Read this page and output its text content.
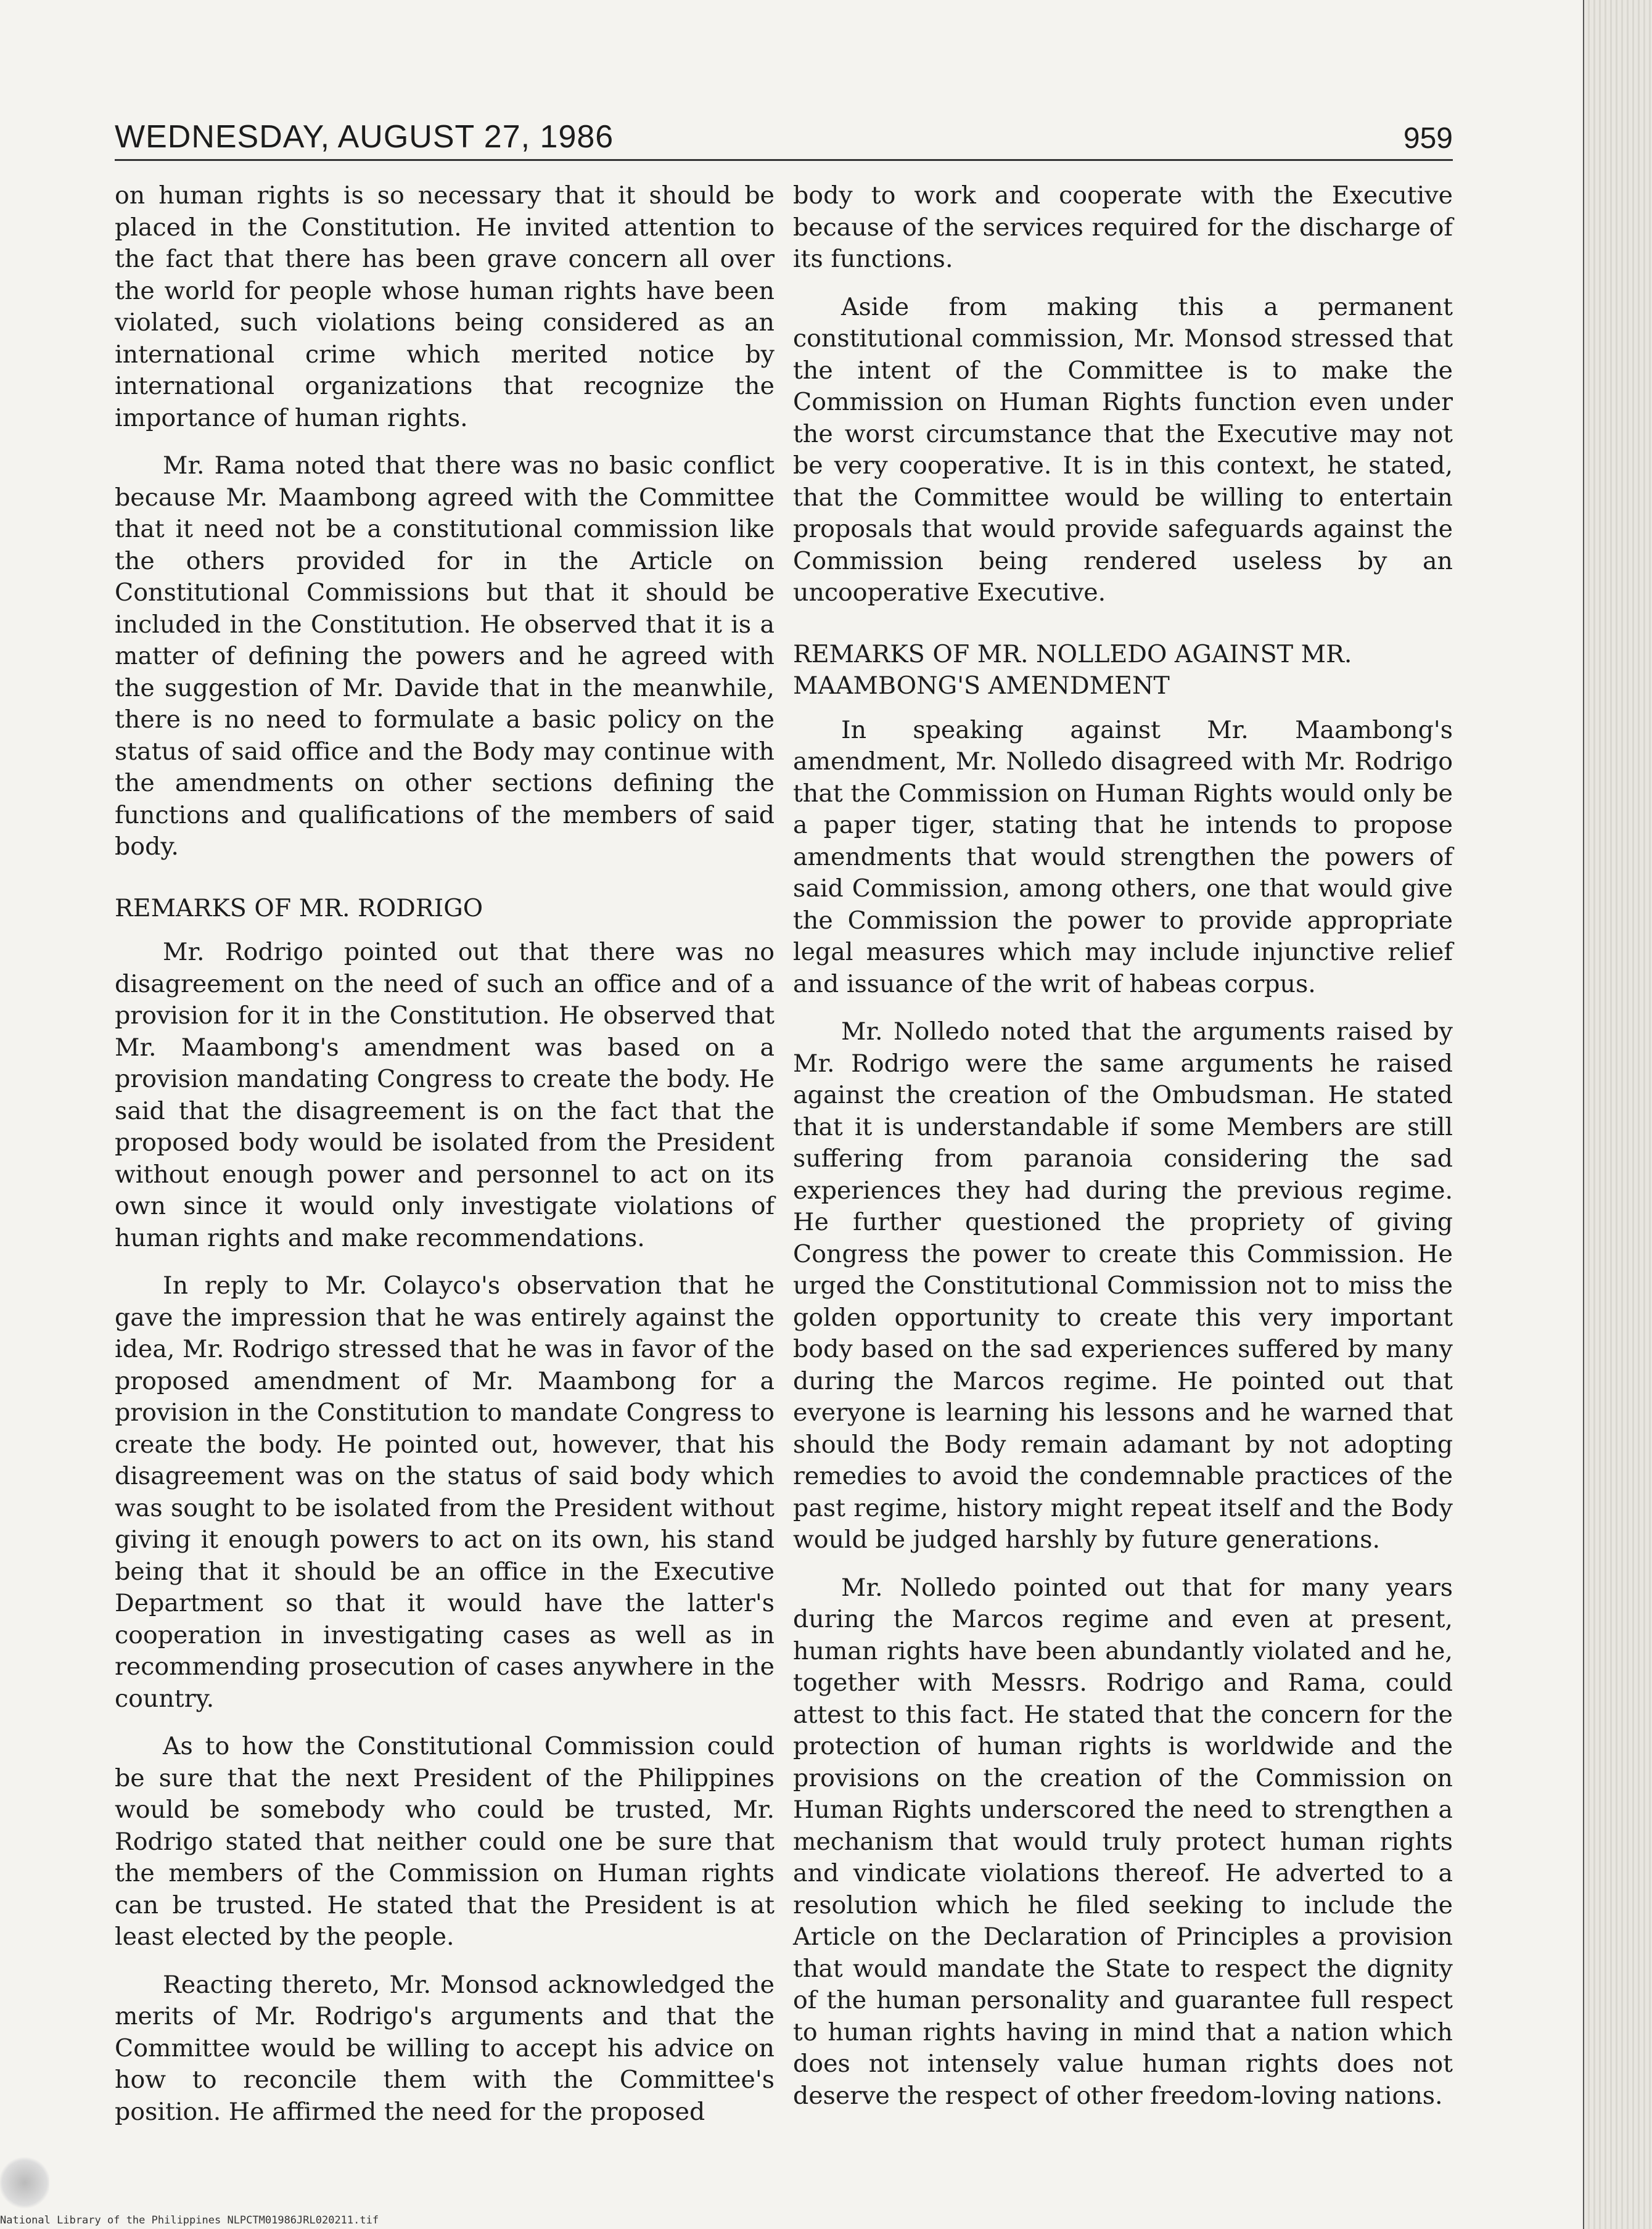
WEDNESDAY, AUGUST 27, 1986	959

on human rights is so necessary that it should be placed in the Constitution. He invited attention to the fact that there has been grave concern all over the world for people whose human rights have been violated, such violations being considered as an international crime which merited notice by international organizations that recognize the importance of human rights.

Mr. Rama noted that there was no basic conflict because Mr. Maambong agreed with the Committee that it need not be a constitutional commission like the others provided for in the Article on Constitutional Commissions but that it should be included in the Constitution. He observed that it is a matter of defining the powers and he agreed with the suggestion of Mr. Davide that in the meanwhile, there is no need to formulate a basic policy on the status of said office and the Body may continue with the amendments on other sections defining the functions and qualifications of the members of said body.

REMARKS OF MR. RODRIGO

Mr. Rodrigo pointed out that there was no disagreement on the need of such an office and of a provision for it in the Constitution. He observed that Mr. Maambong's amendment was based on a provision mandating Congress to create the body. He said that the disagreement is on the fact that the proposed body would be isolated from the President without enough power and personnel to act on its own since it would only investigate violations of human rights and make recommendations.

In reply to Mr. Colayco's observation that he gave the impression that he was entirely against the idea, Mr. Rodrigo stressed that he was in favor of the proposed amendment of Mr. Maambong for a provision in the Constitution to mandate Congress to create the body. He pointed out, however, that his disagreement was on the status of said body which was sought to be isolated from the President without giving it enough powers to act on its own, his stand being that it should be an office in the Executive Department so that it would have the latter's cooperation in investigating cases as well as in recommending prosecution of cases anywhere in the country.

As to how the Constitutional Commission could be sure that the next President of the Philippines would be somebody who could be trusted, Mr. Rodrigo stated that neither could one be sure that the members of the Commission on Human rights can be trusted. He stated that the President is at least elected by the people.

Reacting thereto, Mr. Monsod acknowledged the merits of Mr. Rodrigo's arguments and that the Committee would be willing to accept his advice on how to reconcile them with the Committee's position. He affirmed the need for the proposed

body to work and cooperate with the Executive because of the services required for the discharge of its functions.

Aside from making this a permanent constitutional commission, Mr. Monsod stressed that the intent of the Committee is to make the Commission on Human Rights function even under the worst circumstance that the Executive may not be very cooperative. It is in this context, he stated, that the Committee would be willing to entertain proposals that would provide safeguards against the Commission being rendered useless by an uncooperative Executive.

REMARKS OF MR. NOLLEDO AGAINST MR. MAAMBONG'S AMENDMENT

In speaking against Mr. Maambong's amendment, Mr. Nolledo disagreed with Mr. Rodrigo that the Commission on Human Rights would only be a paper tiger, stating that he intends to propose amendments that would strengthen the powers of said Commission, among others, one that would give the Commission the power to provide appropriate legal measures which may include injunctive relief and issuance of the writ of habeas corpus.

Mr. Nolledo noted that the arguments raised by Mr. Rodrigo were the same arguments he raised against the creation of the Ombudsman. He stated that it is understandable if some Members are still suffering from paranoia considering the sad experiences they had during the previous regime. He further questioned the propriety of giving Congress the power to create this Commission. He urged the Constitutional Commission not to miss the golden opportunity to create this very important body based on the sad experiences suffered by many during the Marcos regime. He pointed out that everyone is learning his lessons and he warned that should the Body remain adamant by not adopting remedies to avoid the condemnable practices of the past regime, history might repeat itself and the Body would be judged harshly by future generations.

Mr. Nolledo pointed out that for many years during the Marcos regime and even at present, human rights have been abundantly violated and he, together with Messrs. Rodrigo and Rama, could attest to this fact. He stated that the concern for the protection of human rights is worldwide and the provisions on the creation of the Commission on Human Rights underscored the need to strengthen a mechanism that would truly protect human rights and vindicate violations thereof. He adverted to a resolution which he filed seeking to include the Article on the Declaration of Principles a provision that would mandate the State to respect the dignity of the human personality and guarantee full respect to human rights having in mind that a nation which does not intensely value human rights does not deserve the respect of other freedom-loving nations.

National Library of the Philippines NLPCTM01986JRL020211.tif
